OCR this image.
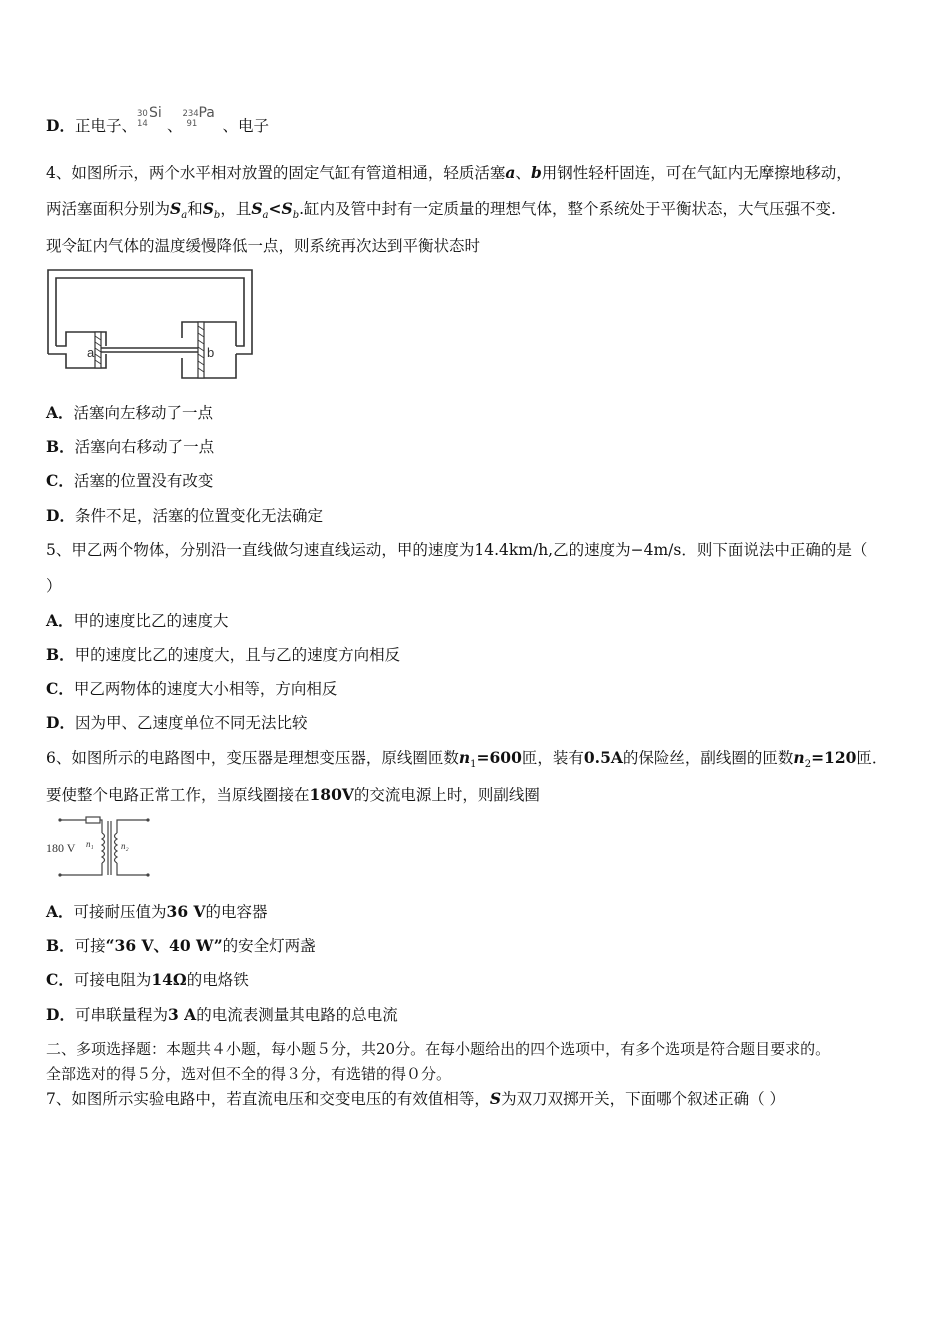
D．正电子、
30
14
Si
、
234
91
Pa
、电子
4、如图所示，两个水平相对放置的固定气缸有管道相通，轻质活塞a、b用钢性轻杆固连，可在气缸内无摩擦地移动，
两活塞面积分别为$S_a$和$S_b$，且$S_a<S_b$.缸内及管中封有一定质量的理想气体，整个系统处于平衡状态，大气压强不变.
现令缸内气体的温度缓慢降低一点，则系统再次达到平衡状态时
a	b
A．活塞向左移动了一点
B．活塞向右移动了一点
C．活塞的位置没有改变
D．条件不足，活塞的位置变化无法确定
5、甲乙两个物体，分别沿一直线做匀速直线运动，甲的速度为14.4km/h,乙的速度为−4m/s．则下面说法中正确的是（
）
A．甲的速度比乙的速度大
B．甲的速度比乙的速度大，且与乙的速度方向相反
C．甲乙两物体的速度大小相等，方向相反
D．因为甲、乙速度单位不同无法比较
6、如图所示的电路图中，变压器是理想变压器，原线圈匝数$n_1=600$匝，装有0.5A的保险丝，副线圈的匝数$n_2=120$匝．
要使整个电路正常工作，当原线圈接在180V的交流电源上时，则副线圈
180 V n₁	n₂
A．可接耐压值为36 V的电容器
B．可接“36 V、40 W”的安全灯两盏
C．可接电阻为14Ω的电烙铁
D．可串联量程为3 A的电流表测量其电路的总电流
二、多项选择题：本题共４小题，每小题５分，共20分。在每小题给出的四个选项中，有多个选项是符合题目要求的。
全部选对的得５分，选对但不全的得３分，有选错的得０分。
7、如图所示实验电路中，若直流电压和交变电压的有效值相等，S为双刀双掷开关，下面哪个叙述正确（ ）
